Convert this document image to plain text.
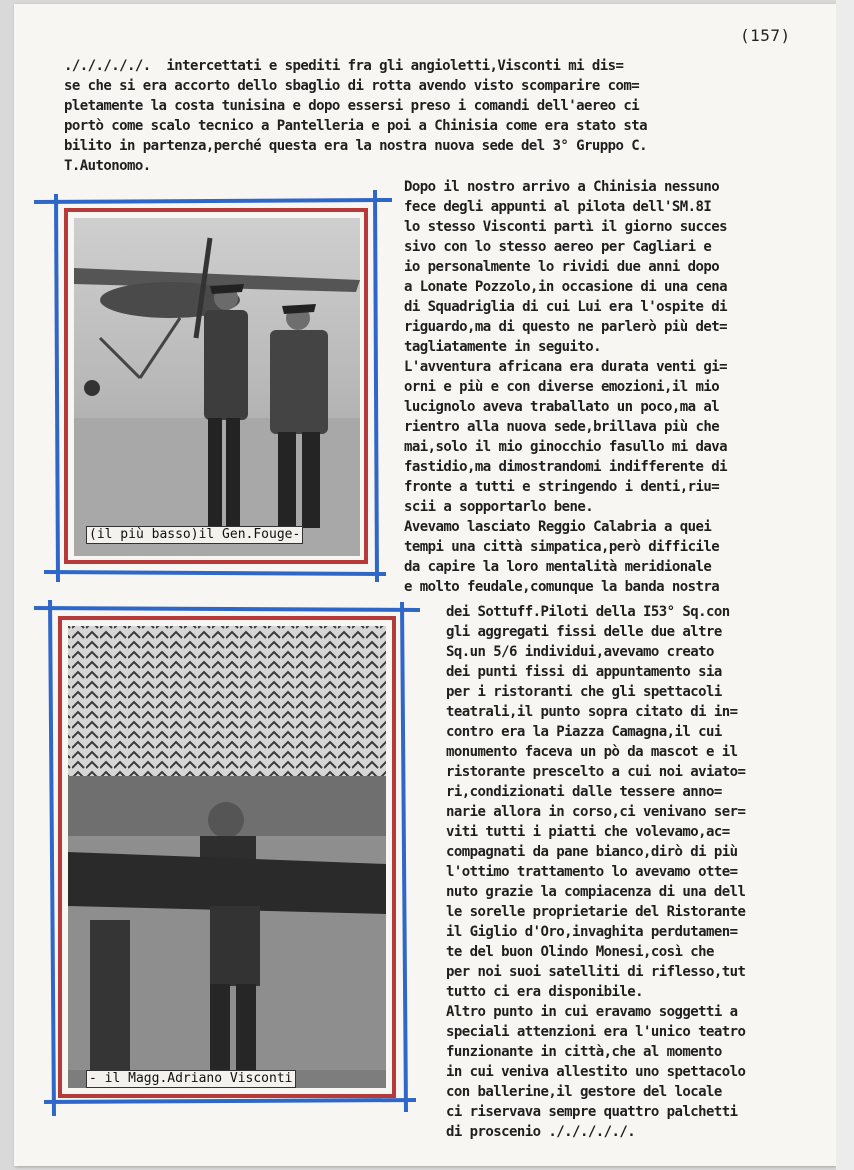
(157)
./././././.  intercettati e spediti fra gli angioletti,Visconti mi dis=
se che si era accorto dello sbaglio di rotta avendo visto scomparire com=
pletamente la costa tunisina e dopo essersi preso i comandi dell'aereo ci
portò come scalo tecnico a Pantelleria e poi a Chinisia come era stato sta
bilito in partenza,perché questa era la nostra nuova sede del 3° Gruppo C.
T.Autonomo.
Dopo il nostro arrivo a Chinisia nessuno
fece degli appunti al pilota dell'SM.8I
lo stesso Visconti partì il giorno succes
sivo con lo stesso aereo per Cagliari e
io personalmente lo rividi due anni dopo
a Lonate Pozzolo,in occasione di una cena
di Squadriglia di cui Lui era l'ospite di
riguardo,ma di questo ne parlerò più det=
tagliatamente in seguito.
L'avventura africana era durata venti gi=
orni e più e con diverse emozioni,il mio
lucignolo aveva traballato un poco,ma al
rientro alla nuova sede,brillava più che
mai,solo il mio ginocchio fasullo mi dava
fastidio,ma dimostrandomi indifferente di
fronte a tutti e stringendo i denti,riu=
scii a sopportarlo bene.
Avevamo lasciato Reggio Calabria a quei
tempi una città simpatica,però difficile
da capire la loro mentalità meridionale
e molto feudale,comunque la banda nostra
dei Sottuff.Piloti della I53° Sq.con
gli aggregati fissi delle due altre
Sq.un 5/6 individui,avevamo creato
dei punti fissi di appuntamento sia
per i ristoranti che gli spettacoli
teatrali,il punto sopra citato di in=
contro era la Piazza Camagna,il cui
monumento faceva un pò da mascot e il
ristorante prescelto a cui noi aviato=
ri,condizionati dalle tessere anno=
narie allora in corso,ci venivano ser=
viti tutti i piatti che volevamo,ac=
compagnati da pane bianco,dirò di più
l'ottimo trattamento lo avevamo otte=
nuto grazie la compiacenza di una dell
le sorelle proprietarie del Ristorante
il Giglio d'Oro,invaghita perdutamen=
te del buon Olindo Monesi,così che
per noi suoi satelliti di riflesso,tut
tutto ci era disponibile.
Altro punto in cui eravamo soggetti a
speciali attenzioni era l'unico teatro
funzionante in città,che al momento
in cui veniva allestito uno spettacolo
con ballerine,il gestore del locale
ci riservava sempre quattro palchetti
di proscenio ./././././.
(il più basso)il Gen.Fouge-
- il Magg.Adriano Visconti
